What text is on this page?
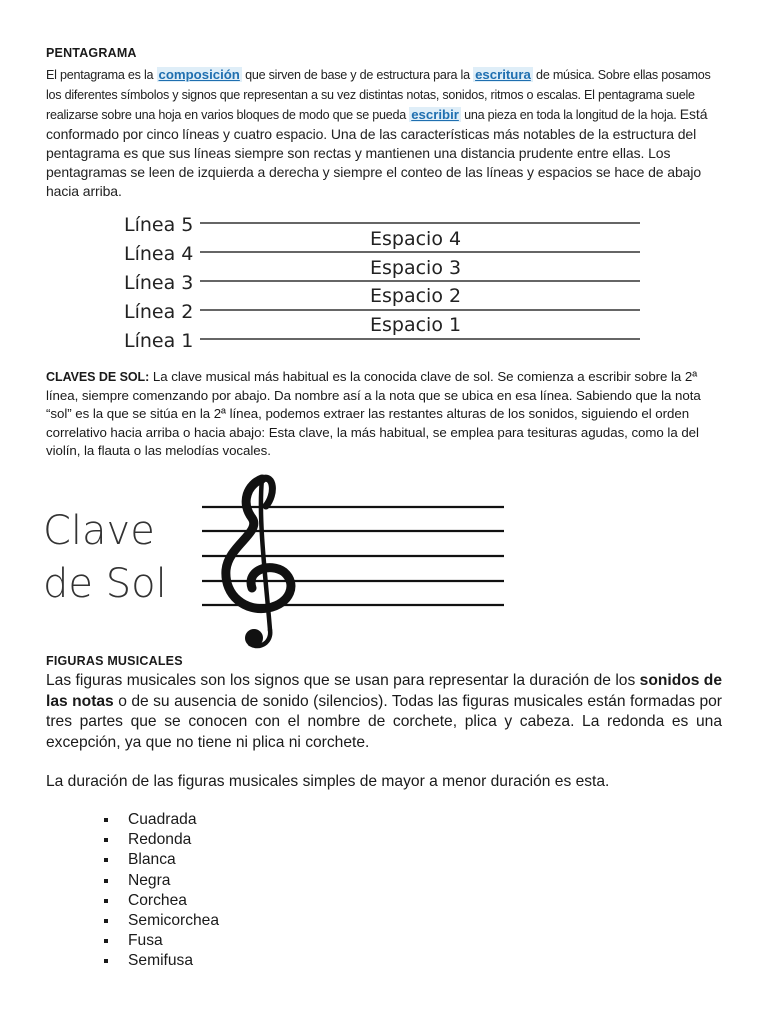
PENTAGRAMA
El pentagrama es la composición que sirven de base y de estructura para la escritura de música. Sobre ellas posamos los diferentes símbolos y signos que representan a su vez distintas notas, sonidos, ritmos o escalas. El pentagrama suele realizarse sobre una hoja en varios bloques de modo que se pueda escribir una pieza en toda la longitud de la hoja. Está conformado por cinco líneas y cuatro espacio. Una de las características más notables de la estructura del pentagrama es que sus líneas siempre son rectas y mantienen una distancia prudente entre ellas. Los pentagramas se leen de izquierda a derecha y siempre el conteo de las líneas y espacios se hace de abajo hacia arriba.
Línea 5
Línea 4
Línea 3
Línea 2
Línea 1
Espacio 4
Espacio 3
Espacio 2
Espacio 1
CLAVES DE SOL: La clave musical más habitual es la conocida clave de sol. Se comienza a escribir sobre la 2ª línea, siempre comenzando por abajo. Da nombre así a la nota que se ubica en esa línea. Sabiendo que la nota “sol” es la que se sitúa en la 2ª línea, podemos extraer las restantes alturas de los sonidos, siguiendo el orden correlativo hacia arriba o hacia abajo: Esta clave, la más habitual, se emplea para tesituras agudas, como la del violín, la flauta o las melodías vocales.
Clave
de Sol
FIGURAS MUSICALES
Las figuras musicales son los signos que se usan para representar la duración de los sonidos de las notas o de su ausencia de sonido (silencios). Todas las figuras musicales están formadas por tres partes que se conocen con el nombre de corchete, plica y cabeza. La redonda es una excepción, ya que no tiene ni plica ni corchete.
La duración de las figuras musicales simples de mayor a menor duración es esta.
Cuadrada
Redonda
Blanca
Negra
Corchea
Semicorchea
Fusa
Semifusa
